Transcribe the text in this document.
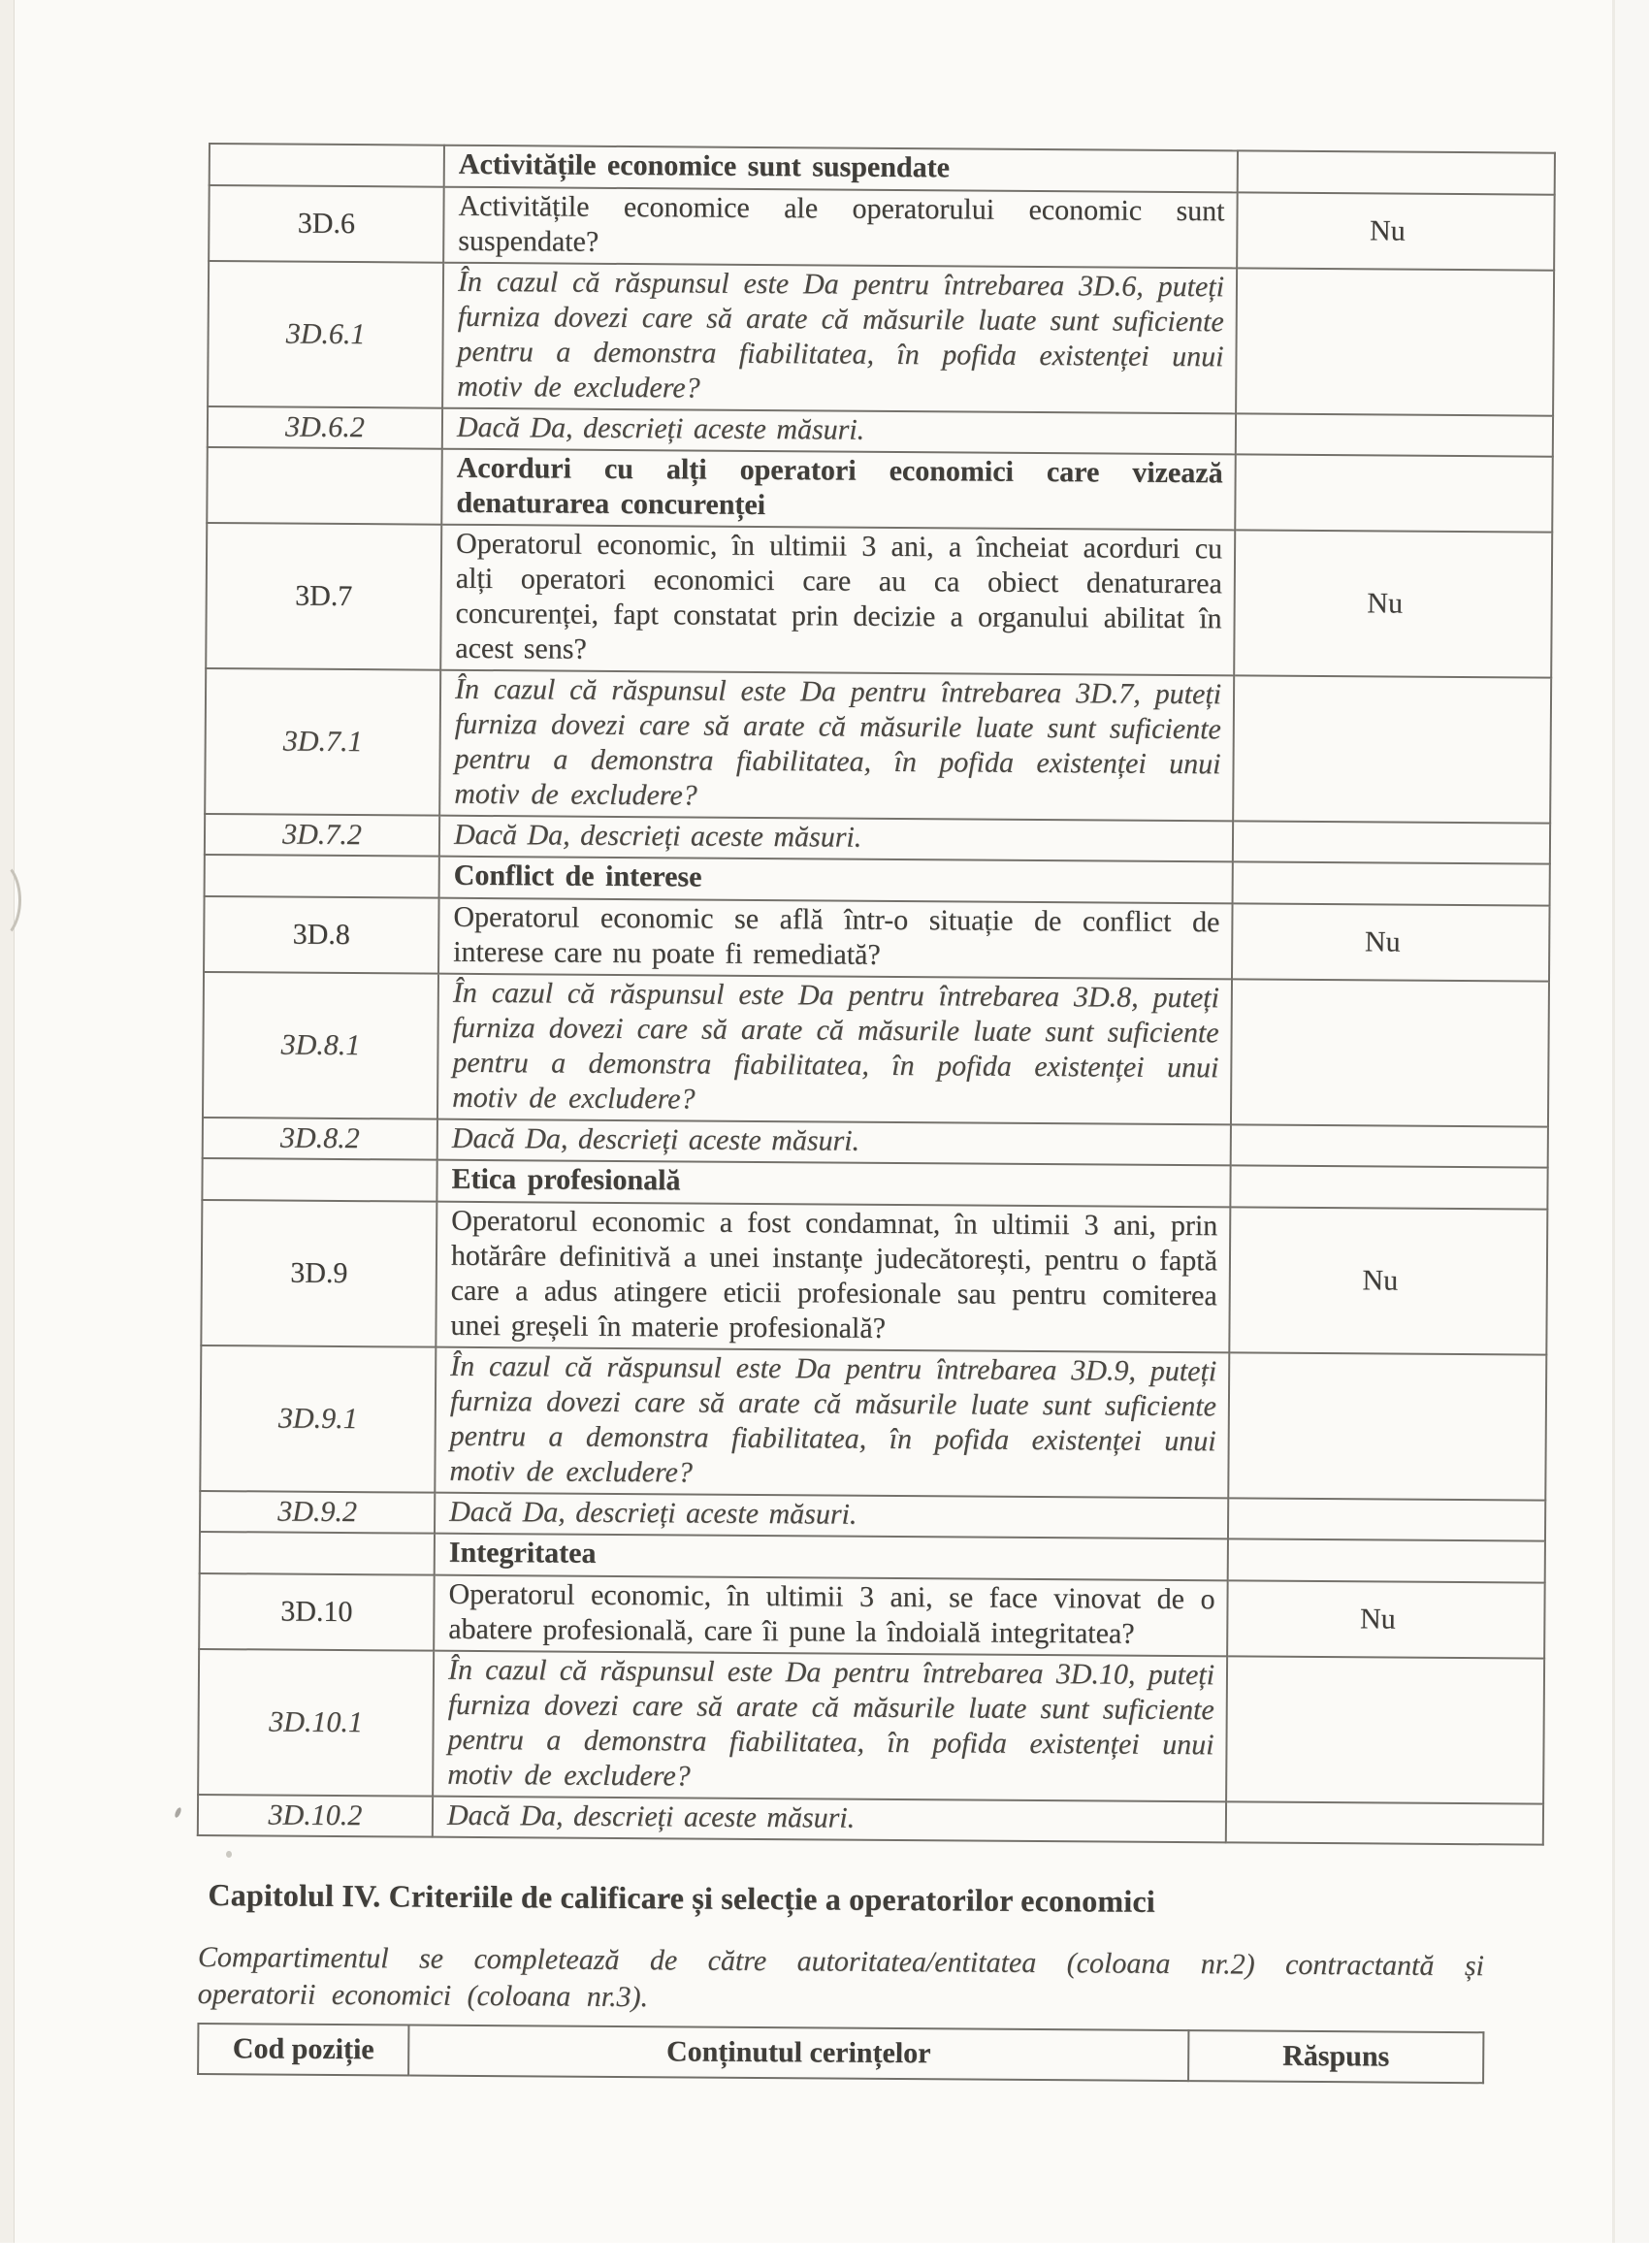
	Activitățile economice sunt suspendate	
3D.6	Activitățile economice ale operatorului economic sunt suspendate?	Nu
3D.6.1	În cazul că răspunsul este Da pentru întrebarea 3D.6, puteți furniza dovezi care să arate că măsurile luate sunt suficiente pentru a demonstra fiabilitatea, în pofida existenței unui motiv de excludere?	
3D.6.2	Dacă Da, descrieți aceste măsuri.	
	Acorduri cu alți operatori economici care vizează denaturarea concurenței	
3D.7	Operatorul economic, în ultimii 3 ani, a încheiat acorduri cu alți operatori economici care au ca obiect denaturarea concurenței, fapt constatat prin decizie a organului abilitat în acest sens?	Nu
3D.7.1	În cazul că răspunsul este Da pentru întrebarea 3D.7, puteți furniza dovezi care să arate că măsurile luate sunt suficiente pentru a demonstra fiabilitatea, în pofida existenței unui motiv de excludere?	
3D.7.2	Dacă Da, descrieți aceste măsuri.	
	Conflict de interese	
3D.8	Operatorul economic se află într-o situație de conflict de interese care nu poate fi remediată?	Nu
3D.8.1	În cazul că răspunsul este Da pentru întrebarea 3D.8, puteți furniza dovezi care să arate că măsurile luate sunt suficiente pentru a demonstra fiabilitatea, în pofida existenței unui motiv de excludere?	
3D.8.2	Dacă Da, descrieți aceste măsuri.	
	Etica profesională	
3D.9	Operatorul economic a fost condamnat, în ultimii 3 ani, prin hotărâre definitivă a unei instanțe judecătorești, pentru o faptă care a adus atingere eticii profesionale sau pentru comiterea unei greșeli în materie profesională?	Nu
3D.9.1	În cazul că răspunsul este Da pentru întrebarea 3D.9, puteți furniza dovezi care să arate că măsurile luate sunt suficiente pentru a demonstra fiabilitatea, în pofida existenței unui motiv de excludere?	
3D.9.2	Dacă Da, descrieți aceste măsuri.	
	Integritatea	
3D.10	Operatorul economic, în ultimii 3 ani, se face vinovat de o abatere profesională, care îi pune la îndoială integritatea?	Nu
3D.10.1	În cazul că răspunsul este Da pentru întrebarea 3D.10, puteți furniza dovezi care să arate că măsurile luate sunt suficiente pentru a demonstra fiabilitatea, în pofida existenței unui motiv de excludere?	
3D.10.2	Dacă Da, descrieți aceste măsuri.	
Capitolul IV. Criteriile de calificare și selecție a operatorilor economici
Compartimentul se completează de către autoritatea/entitatea (coloana nr.2) contractantă și operatorii economici (coloana nr.3).
Cod poziție	Conținutul cerințelor	Răspuns
